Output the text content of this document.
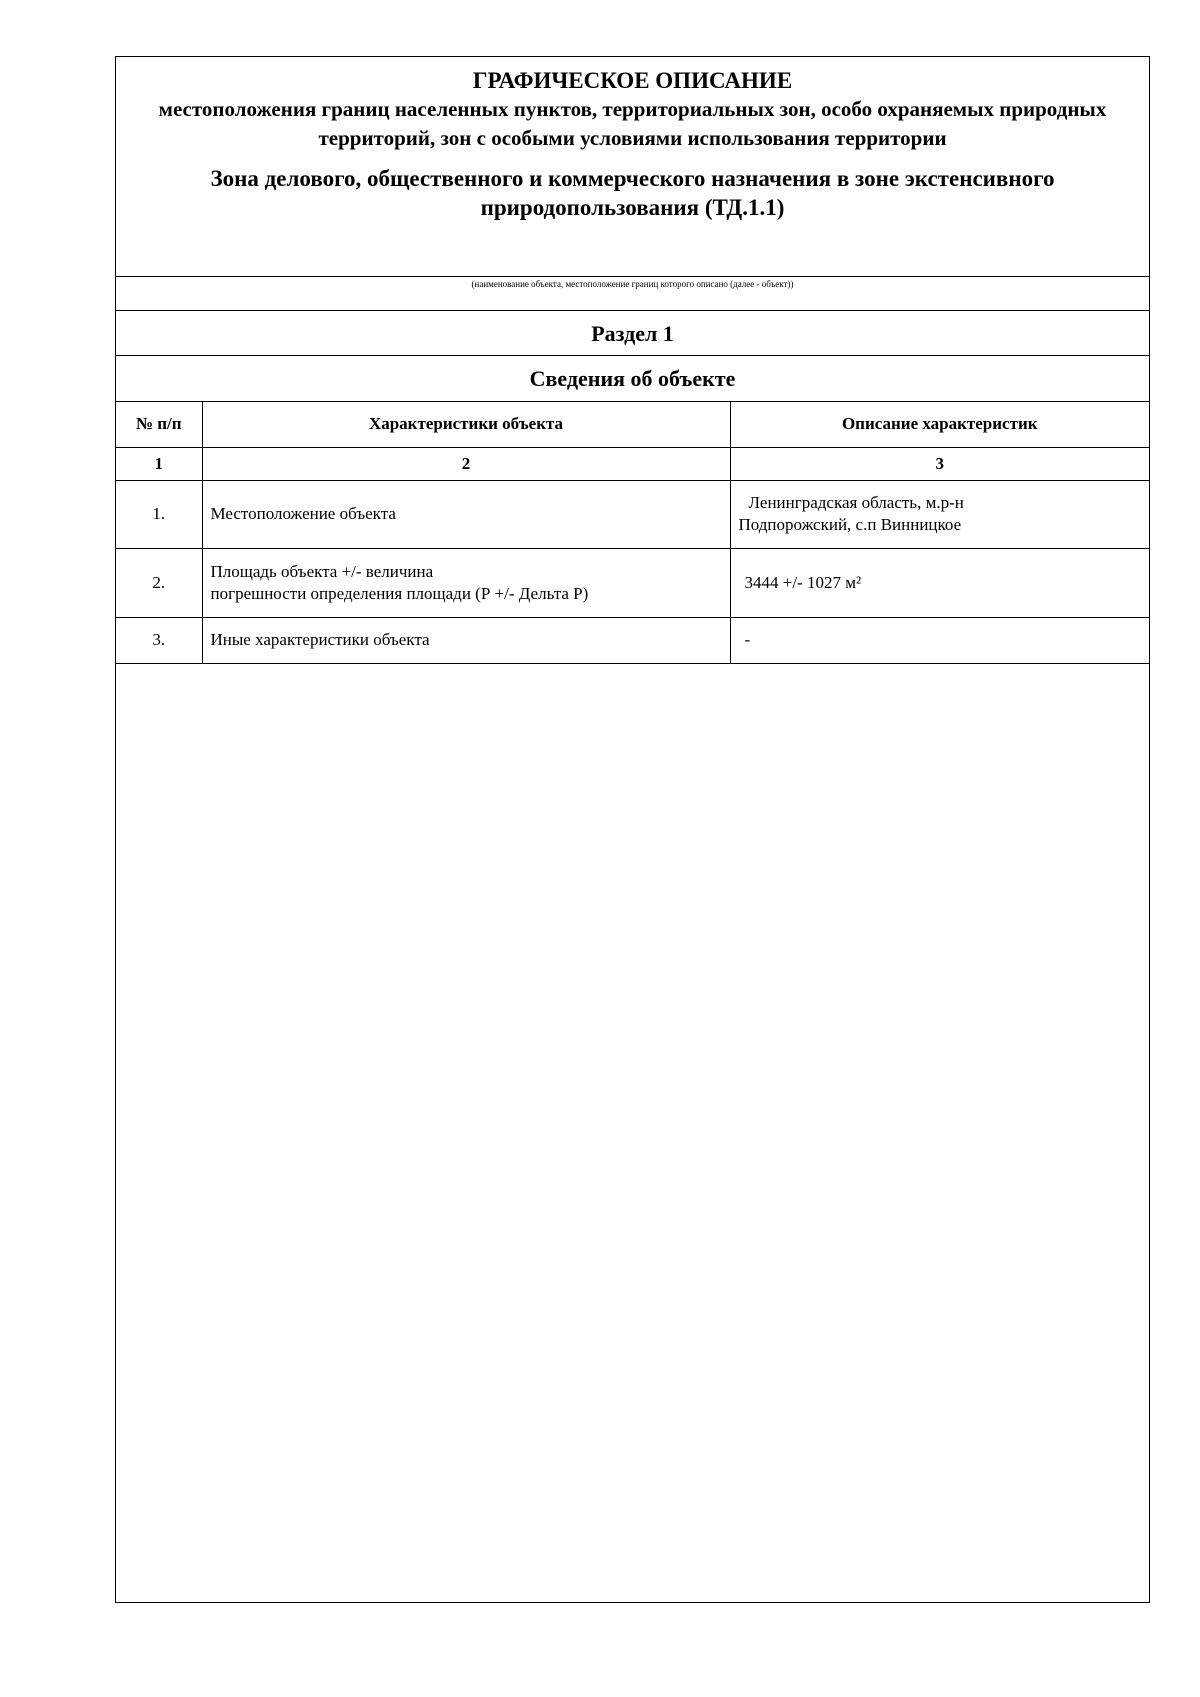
ГРАФИЧЕСКОЕ ОПИСАНИЕ
местоположения границ населенных пунктов, территориальных зон, особо охраняемых природных территорий, зон с особыми условиями использования территории
Зона делового, общественного и коммерческого назначения в зоне экстенсивного природопользования (ТД.1.1)
(наименование объекта, местоположение границ которого описано (далее - объект))
Раздел 1
Сведения об объекте
№ п/п	Характеристики объекта	Описание характеристик
1	2	3
1.	Местоположение объекта	Ленинградская область, м.р-н
Подпорожский, с.п Винницкое

2.	Площадь объекта +/- величина
погрешности определения площади (Р +/- Дельта Р)	3444 +/- 1027 м²
3.	Иные характеристики объекта	-
